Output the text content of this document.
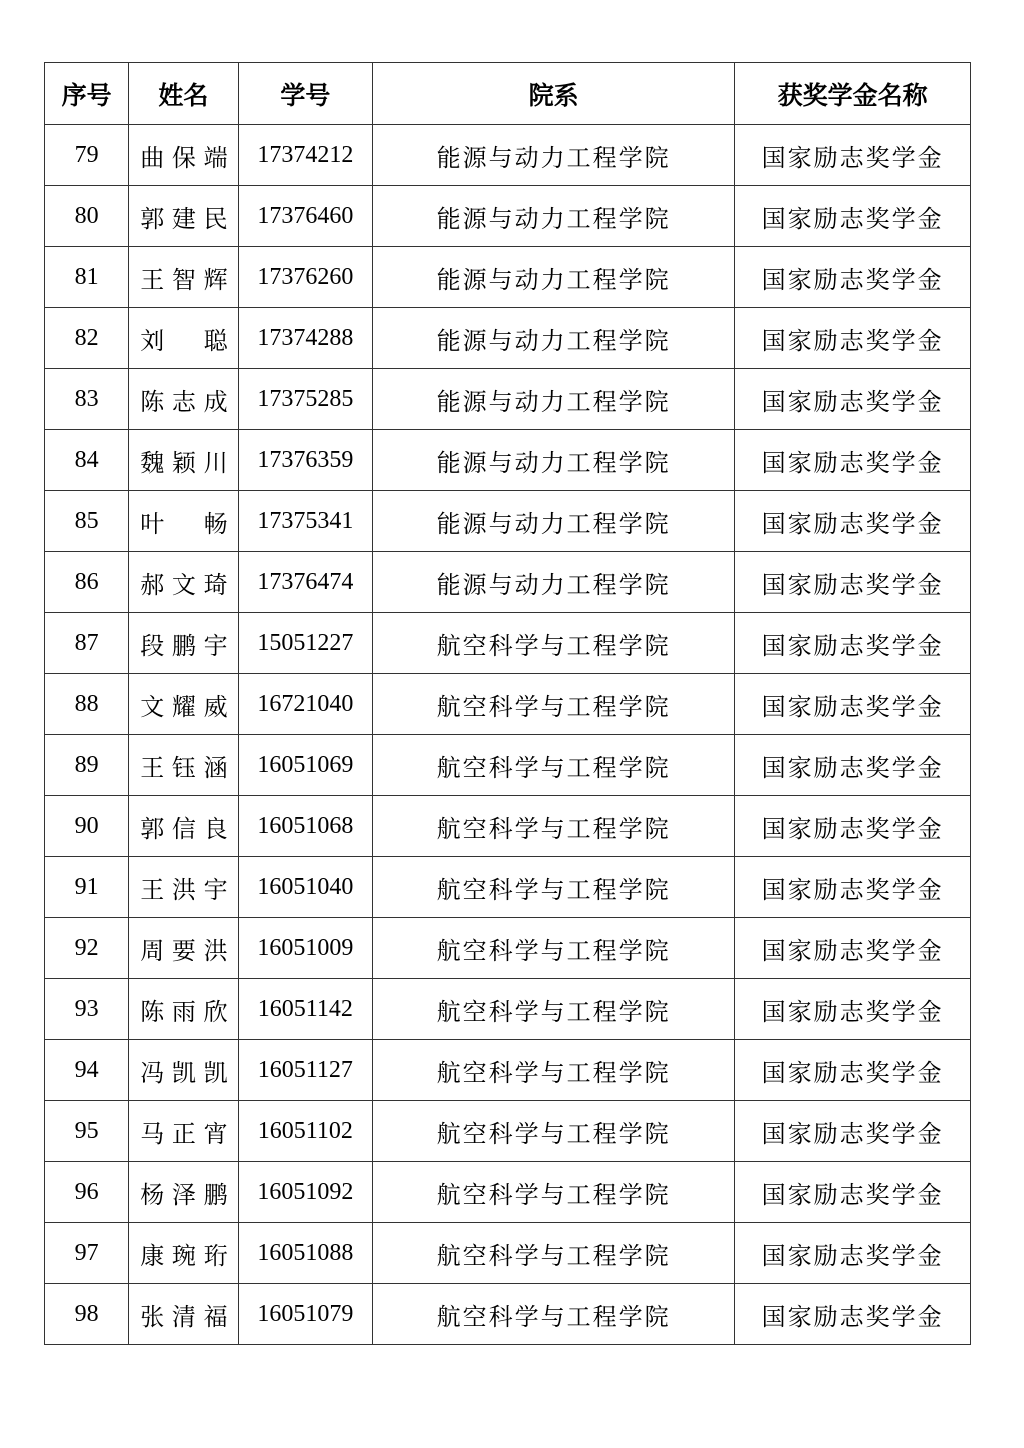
序号	姓名	学号	院系	获奖学金名称
79	曲保端	17374212	能源与动力工程学院	国家励志奖学金
80	郭建民	17376460	能源与动力工程学院	国家励志奖学金
81	王智辉	17376260	能源与动力工程学院	国家励志奖学金
82	刘 聪	17374288	能源与动力工程学院	国家励志奖学金
83	陈志成	17375285	能源与动力工程学院	国家励志奖学金
84	魏颖川	17376359	能源与动力工程学院	国家励志奖学金
85	叶 畅	17375341	能源与动力工程学院	国家励志奖学金
86	郝文琦	17376474	能源与动力工程学院	国家励志奖学金
87	段鹏宇	15051227	航空科学与工程学院	国家励志奖学金
88	文耀威	16721040	航空科学与工程学院	国家励志奖学金
89	王钰涵	16051069	航空科学与工程学院	国家励志奖学金
90	郭信良	16051068	航空科学与工程学院	国家励志奖学金
91	王洪宇	16051040	航空科学与工程学院	国家励志奖学金
92	周要洪	16051009	航空科学与工程学院	国家励志奖学金
93	陈雨欣	16051142	航空科学与工程学院	国家励志奖学金
94	冯凯凯	16051127	航空科学与工程学院	国家励志奖学金
95	马正宵	16051102	航空科学与工程学院	国家励志奖学金
96	杨泽鹏	16051092	航空科学与工程学院	国家励志奖学金
97	康琬珩	16051088	航空科学与工程学院	国家励志奖学金
98	张清福	16051079	航空科学与工程学院	国家励志奖学金
